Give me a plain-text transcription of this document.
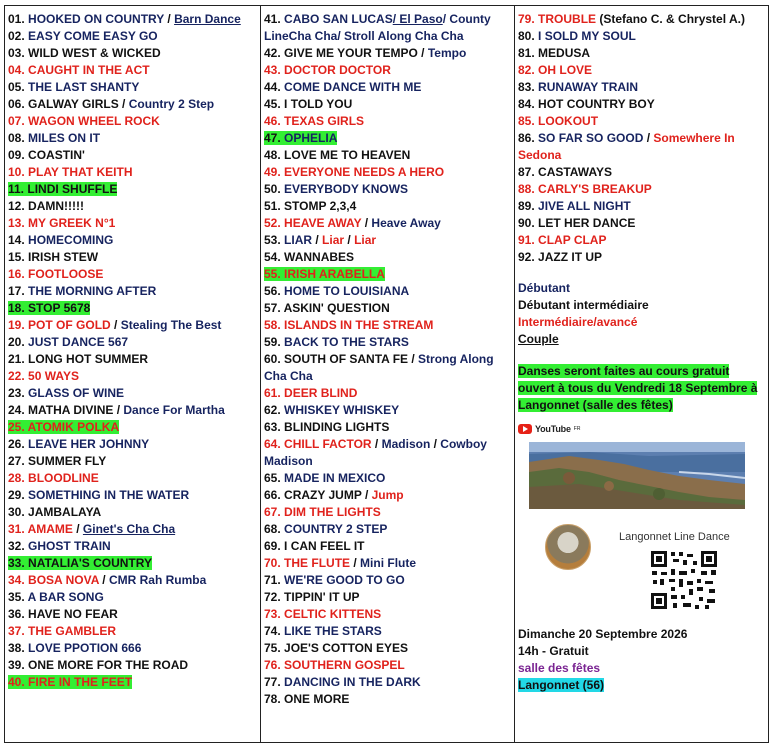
01. HOOKED ON COUNTRY / Barn Dance
02. EASY COME EASY GO
03. WILD WEST & WICKED
04. CAUGHT IN THE ACT
05. THE LAST SHANTY
06. GALWAY GIRLS / Country 2 Step
07. WAGON WHEEL ROCK
08. MILES ON IT
09. COASTIN'
10. PLAY THAT KEITH
11. LINDI SHUFFLE
12. DAMN!!!!!
13. MY GREEK N°1
14. HOMECOMING
15. IRISH STEW
16. FOOTLOOSE
17. THE MORNING AFTER
18. STOP 5678
19. POT OF GOLD / Stealing The Best
20. JUST DANCE 567
21. LONG HOT SUMMER
22. 50 WAYS
23. GLASS OF WINE
24. MATHA DIVINE / Dance For Martha
25. ATOMIK POLKA
26. LEAVE HER JOHNNY
27. SUMMER FLY
28. BLOODLINE
29. SOMETHING IN THE WATER
30. JAMBALAYA
31. AMAME / Ginet's Cha Cha
32. GHOST TRAIN
33. NATALIA'S COUNTRY
34. BOSA NOVA / CMR Rah Rumba
35. A BAR SONG
36. HAVE NO FEAR
37. THE GAMBLER
38. LOVE PPOTION 666
39. ONE MORE FOR THE ROAD
40. FIRE IN THE FEET
41. CABO SAN LUCAS/ El Paso/ County LineCha Cha/ Stroll Along Cha Cha
42. GIVE ME YOUR TEMPO / Tempo
43. DOCTOR DOCTOR
44. COME DANCE WITH ME
45. I TOLD YOU
46. TEXAS GIRLS
47. OPHELIA
48. LOVE ME TO HEAVEN
49. EVERYONE NEEDS A HERO
50. EVERYBODY KNOWS
51. STOMP 2,3,4
52. HEAVE AWAY / Heave Away
53. LIAR / Liar / Liar
54. WANNABES
55. IRISH ARABELLA
56. HOME TO LOUISIANA
57. ASKIN' QUESTION
58. ISLANDS IN THE STREAM
59. BACK TO THE STARS
60. SOUTH OF SANTA FE / Strong Along Cha Cha
61. DEER BLIND
62. WHISKEY WHISKEY
63. BLINDING LIGHTS
64. CHILL FACTOR / Madison / Cowboy Madison
65. MADE IN MEXICO
66. CRAZY JUMP / Jump
67. DIM THE LIGHTS
68. COUNTRY 2 STEP
69. I CAN FEEL IT
70. THE FLUTE / Mini Flute
71. WE'RE GOOD TO GO
72. TIPPIN' IT UP
73. CELTIC KITTENS
74. LIKE THE STARS
75. JOE'S COTTON EYES
76. SOUTHERN GOSPEL
77. DANCING IN THE DARK
78. ONE MORE
79. TROUBLE (Stefano C. & Chrystel A.)
80. I SOLD MY SOUL
81. MEDUSA
82. OH LOVE
83. RUNAWAY TRAIN
84. HOT COUNTRY BOY
85. LOOKOUT
86. SO FAR SO GOOD / Somewhere In Sedona
87. CASTAWAYS
88. CARLY'S BREAKUP
89. JIVE ALL NIGHT
90. LET HER DANCE
91. CLAP CLAP
92. JAZZ IT UP
Débutant
Débutant intermédiaire
Intermédiaire/avancé
Couple
Danses seront faites au cours gratuit ouvert à tous du Vendredi 18 Septembre à Langonnet (salle des fêtes)
YouTube FR
Langonnet Line Dance
Dimanche 20 Septembre 2026
14h - Gratuit
salle des fêtes
Langonnet (56)
